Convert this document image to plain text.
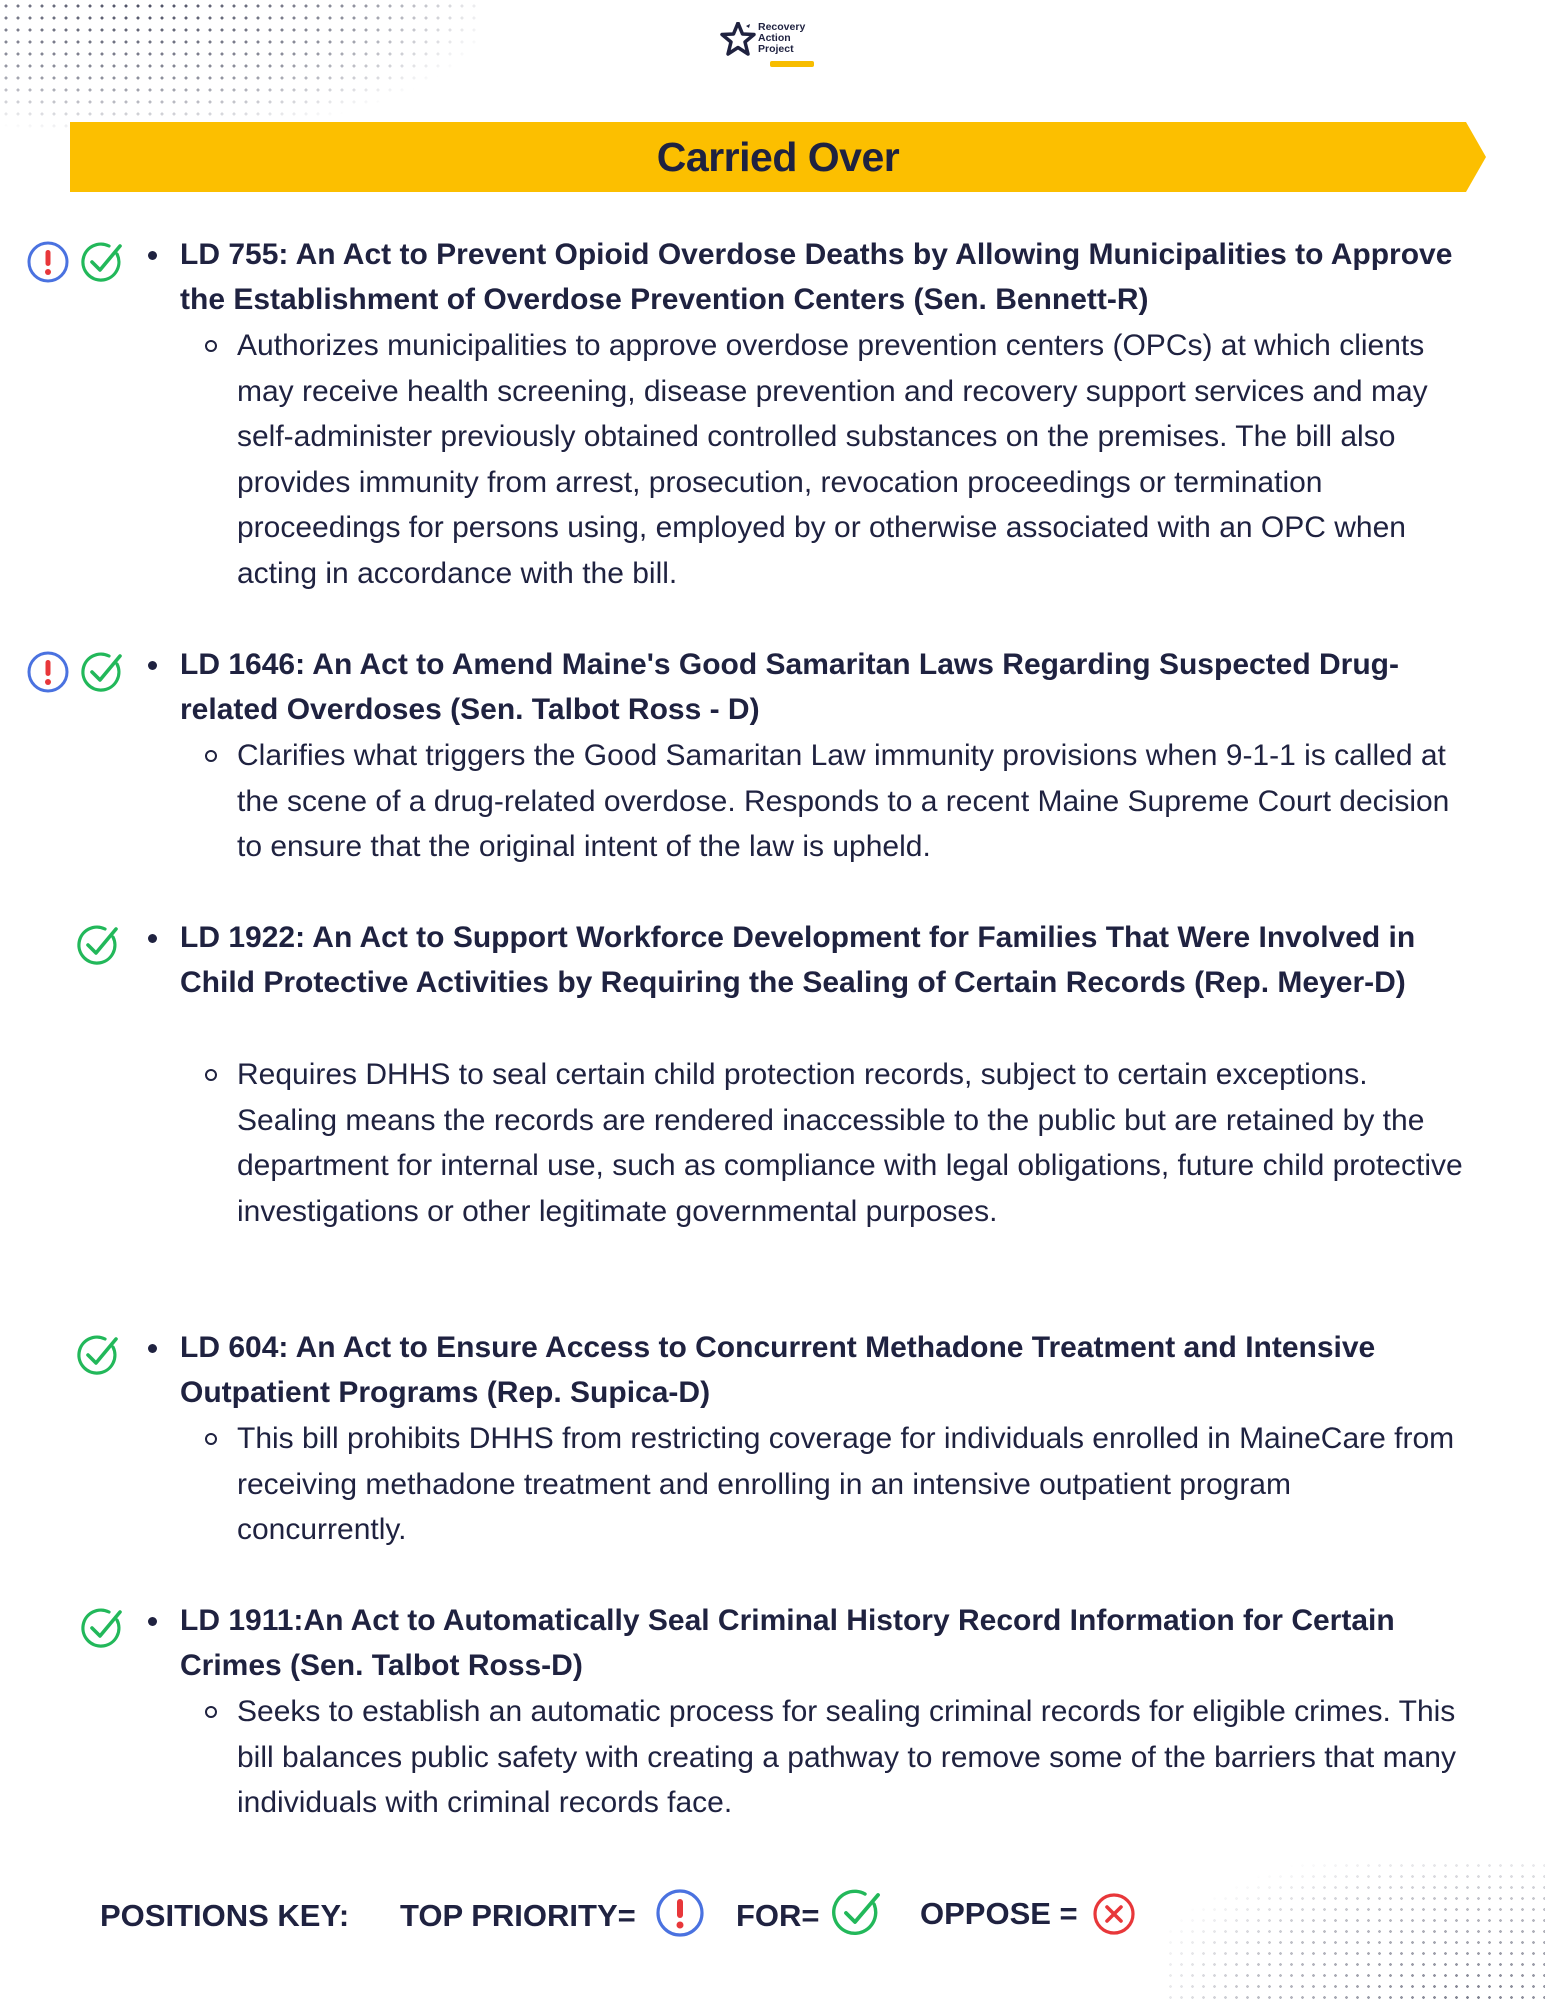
Recovery
Action
Project
Carried Over
LD 755: An Act to Prevent Opioid Overdose Deaths by Allowing Municipalities to Approve the Establishment of Overdose Prevention Centers (Sen. Bennett-R)
Authorizes municipalities to approve overdose prevention centers (OPCs) at which clients may receive health screening, disease prevention and recovery support services and may self-administer previously obtained controlled substances on the premises. The bill also provides immunity from arrest, prosecution, revocation proceedings or termination proceedings for persons using, employed by or otherwise associated with an OPC when acting in accordance with the bill.
LD 1646: An Act to Amend Maine's Good Samaritan Laws Regarding Suspected Drug-related Overdoses (Sen. Talbot Ross - D)
Clarifies what triggers the Good Samaritan Law immunity provisions when 9-1-1 is called at the scene of a drug-related overdose. Responds to a recent Maine Supreme Court decision to ensure that the original intent of the law is upheld.
LD 1922: An Act to Support Workforce Development for Families That Were Involved in Child Protective Activities by Requiring the Sealing of Certain Records (Rep. Meyer-D)
Requires DHHS to seal certain child protection records, subject to certain exceptions. Sealing means the records are rendered inaccessible to the public but are retained by the department for internal use, such as compliance with legal obligations, future child protective investigations or other legitimate governmental purposes.
LD 604: An Act to Ensure Access to Concurrent Methadone Treatment and Intensive Outpatient Programs (Rep. Supica-D)
This bill prohibits DHHS from restricting coverage for individuals enrolled in MaineCare from receiving methadone treatment and enrolling in an intensive outpatient program concurrently.
LD 1911:An Act to Automatically Seal Criminal History Record Information for Certain Crimes (Sen. Talbot Ross-D)
Seeks to establish an automatic process for sealing criminal records for eligible crimes. This bill balances public safety with creating a pathway to remove some of the barriers that many individuals with criminal records face.
POSITIONS KEY: TOP PRIORITY=	FOR=	OPPOSE =
